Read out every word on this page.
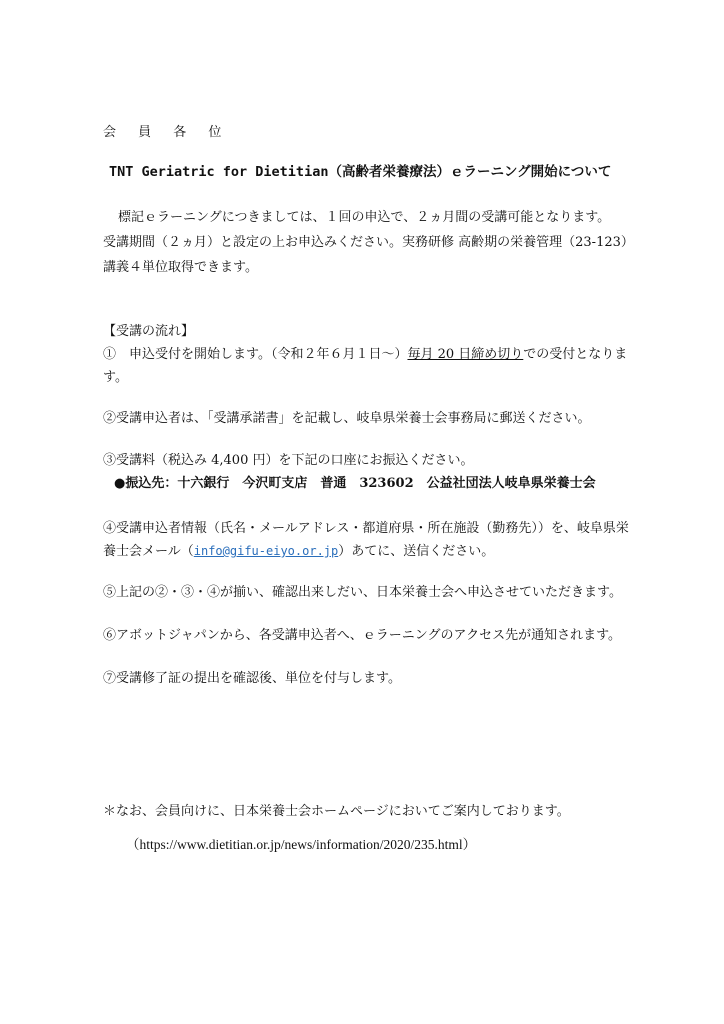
会 員 各 位
TNT Geriatric for Dietitian（高齢者栄養療法）ｅラーニング開始について
標記ｅラーニングにつきましては、１回の申込で、２ヵ月間の受講可能となります。
受講期間（２ヵ月）と設定の上お申込みください。実務研修 高齢期の栄養管理（23-123）
講義４単位取得できます。
【受講の流れ】
①　申込受付を開始します。（令和２年６月１日～）毎月 20 日締め切りでの受付となりま
す。
②受講申込者は、「受講承諾書」を記載し、岐阜県栄養士会事務局に郵送ください。
③受講料（税込み 4,400 円）を下記の口座にお振込ください。
●振込先：十六銀行　今沢町支店　普通　323602　公益社団法人岐阜県栄養士会
④受講申込者情報（氏名・メールアドレス・都道府県・所在施設（勤務先））を、岐阜県栄
養士会メール（info@gifu-eiyo.or.jp）あてに、送信ください。
⑤上記の②・③・④が揃い、確認出来しだい、日本栄養士会へ申込させていただきます。
⑥アボットジャパンから、各受講申込者へ、ｅラーニングのアクセス先が通知されます。
⑦受講修了証の提出を確認後、単位を付与します。
＊なお、会員向けに、日本栄養士会ホームページにおいてご案内しております。
（https://www.dietitian.or.jp/news/information/2020/235.html）
